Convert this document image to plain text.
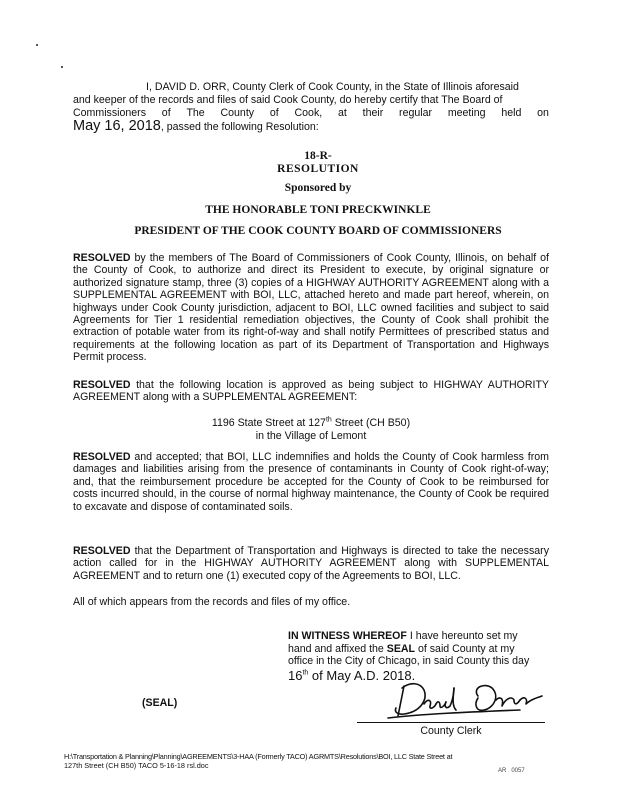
I, DAVID D. ORR, County Clerk of Cook County, in the State of Illinois aforesaid
and keeper of the records and files of said Cook County, do hereby certify that The Board of
Commissioners of The County of Cook, at their regular meeting held on
May 16, 2018, passed the following Resolution:
18-R-
RESOLUTION
Sponsored by
THE HONORABLE TONI PRECKWINKLE
PRESIDENT OF THE COOK COUNTY BOARD OF COMMISSIONERS
RESOLVED by the members of The Board of Commissioners of Cook County, Illinois, on behalf of the County of Cook, to authorize and direct its President to execute, by original signature or authorized signature stamp, three (3) copies of a HIGHWAY AUTHORITY AGREEMENT along with a SUPPLEMENTAL AGREEMENT with BOI, LLC, attached hereto and made part hereof, wherein, on highways under Cook County jurisdiction, adjacent to BOI, LLC owned facilities and subject to said Agreements for Tier 1 residential remediation objectives, the County of Cook shall prohibit the extraction of potable water from its right-of-way and shall notify Permittees of prescribed status and requirements at the following location as part of its Department of Transportation and Highways Permit process.
RESOLVED that the following location is approved as being subject to HIGHWAY AUTHORITY AGREEMENT along with a SUPPLEMENTAL AGREEMENT:
1196 State Street at 127th Street (CH B50)
in the Village of Lemont
RESOLVED and accepted; that BOI, LLC indemnifies and holds the County of Cook harmless from damages and liabilities arising from the presence of contaminants in County of Cook right-of-way; and, that the reimbursement procedure be accepted for the County of Cook to be reimbursed for costs incurred should, in the course of normal highway maintenance, the County of Cook be required to excavate and dispose of contaminated soils.
RESOLVED that the Department of Transportation and Highways is directed to take the necessary action called for in the HIGHWAY AUTHORITY AGREEMENT along with SUPPLEMENTAL AGREEMENT and to return one (1) executed copy of the Agreements to BOI, LLC.
All of which appears from the records and files of my office.
IN WITNESS WHEREOF I have hereunto set my
hand and affixed the SEAL of said County at my
office in the City of Chicago, in said County this day
16th of May A.D. 2018.
(SEAL)
County Clerk
H:\Transportation & Planning\Planning\AGREEMENTS\3-HAA (Formerly TACO) AGRMTS\Resolutions\BOI, LLC State Street at
127th Street (CH B50) TACO 5-16-18 rsl.doc
AR   0057
